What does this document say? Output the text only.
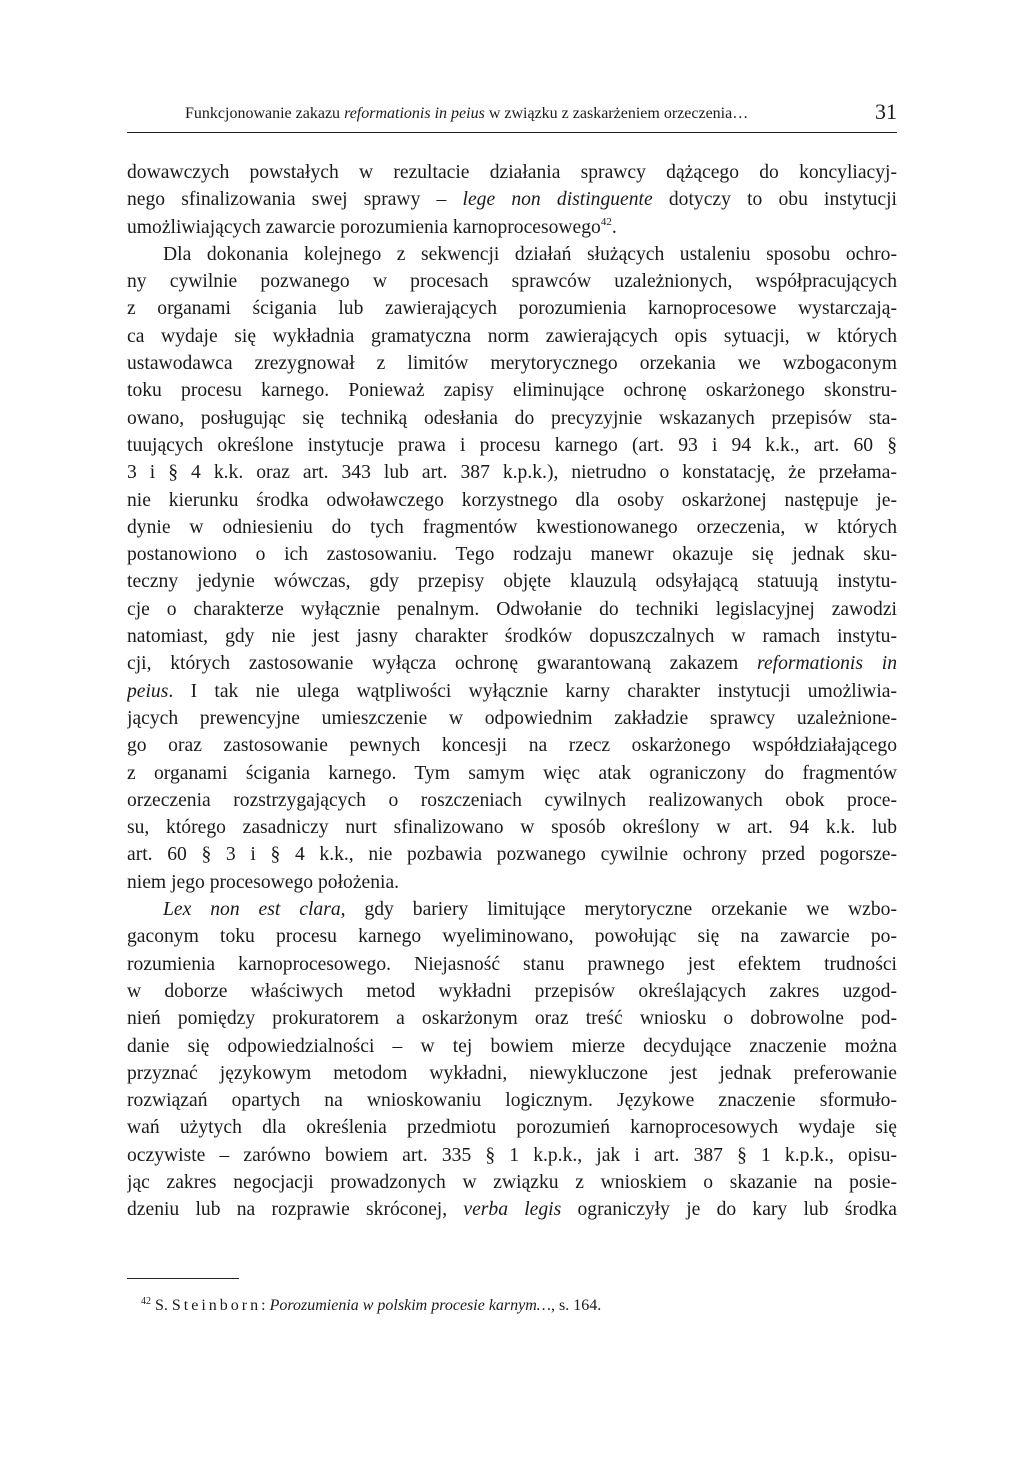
Funkcjonowanie zakazu reformationis in peius w związku z zaskarżeniem orzeczenia…	31
dowawczych powstałych w rezultacie działania sprawcy dążącego do koncyliacyj-
nego sfinalizowania swej sprawy – lege non distinguente dotyczy to obu instytucji
umożliwiających zawarcie porozumienia karnoprocesowego$^{42}$.
Dla dokonania kolejnego z sekwencji działań służących ustaleniu sposobu ochro-
ny cywilnie pozwanego w procesach sprawców uzależnionych, współpracujących
z organami ścigania lub zawierających porozumienia karnoprocesowe wystarczają-
ca wydaje się wykładnia gramatyczna norm zawierających opis sytuacji, w których
ustawodawca zrezygnował z limitów merytorycznego orzekania we wzbogaconym
toku procesu karnego. Ponieważ zapisy eliminujące ochronę oskarżonego skonstru-
owano, posługując się techniką odesłania do precyzyjnie wskazanych przepisów sta-
tuujących określone instytucje prawa i procesu karnego (art. 93 i 94 k.k., art. 60 §
3 i § 4 k.k. oraz art. 343 lub art. 387 k.p.k.), nietrudno o konstatację, że przełama-
nie kierunku środka odwoławczego korzystnego dla osoby oskarżonej następuje je-
dynie w odniesieniu do tych fragmentów kwestionowanego orzeczenia, w których
postanowiono o ich zastosowaniu. Tego rodzaju manewr okazuje się jednak sku-
teczny jedynie wówczas, gdy przepisy objęte klauzulą odsyłającą statuują instytu-
cje o charakterze wyłącznie penalnym. Odwołanie do techniki legislacyjnej zawodzi
natomiast, gdy nie jest jasny charakter środków dopuszczalnych w ramach instytu-
cji, których zastosowanie wyłącza ochronę gwarantowaną zakazem reformationis in
peius. I tak nie ulega wątpliwości wyłącznie karny charakter instytucji umożliwia-
jących prewencyjne umieszczenie w odpowiednim zakładzie sprawcy uzależnione-
go oraz zastosowanie pewnych koncesji na rzecz oskarżonego współdziałającego
z organami ścigania karnego. Tym samym więc atak ograniczony do fragmentów
orzeczenia rozstrzygających o roszczeniach cywilnych realizowanych obok proce-
su, którego zasadniczy nurt sfinalizowano w sposób określony w art. 94 k.k. lub
art. 60 § 3 i § 4 k.k., nie pozbawia pozwanego cywilnie ochrony przed pogorsze-
niem jego procesowego położenia.
Lex non est clara, gdy bariery limitujące merytoryczne orzekanie we wzbo-
gaconym toku procesu karnego wyeliminowano, powołując się na zawarcie po-
rozumienia karnoprocesowego. Niejasność stanu prawnego jest efektem trudności
w doborze właściwych metod wykładni przepisów określających zakres uzgod-
nień pomiędzy prokuratorem a oskarżonym oraz treść wniosku o dobrowolne pod-
danie się odpowiedzialności – w tej bowiem mierze decydujące znaczenie można
przyznać językowym metodom wykładni, niewykluczone jest jednak preferowanie
rozwiązań opartych na wnioskowaniu logicznym. Językowe znaczenie sformuło-
wań użytych dla określenia przedmiotu porozumień karnoprocesowych wydaje się
oczywiste – zarówno bowiem art. 335 § 1 k.p.k., jak i art. 387 § 1 k.p.k., opisu-
jąc zakres negocjacji prowadzonych w związku z wnioskiem o skazanie na posie-
dzeniu lub na rozprawie skróconej, verba legis ograniczyły je do kary lub środka
$^{42}$ S. Steinborn: Porozumienia w polskim procesie karnym…, s. 164.
